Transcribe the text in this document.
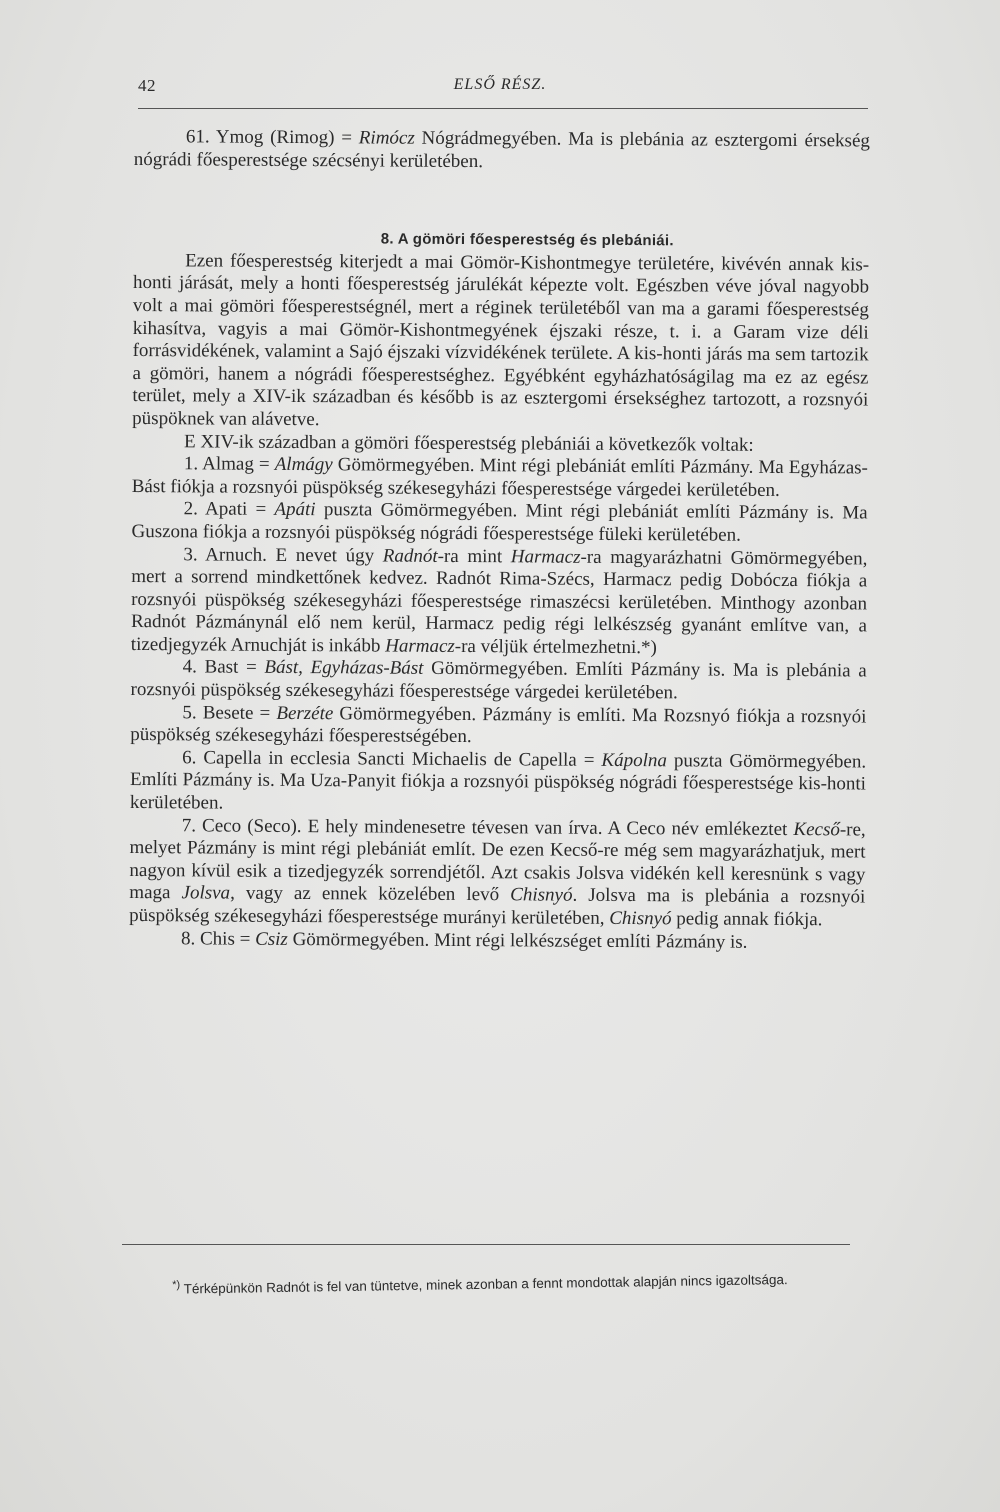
42	ELSŐ RÉSZ.

61. Ymog (Rimog) = Rimócz Nógrádmegyében. Ma is plebánia az esztergomi érsekség nógrádi főesperestsége szécsényi kerületében.

8. A gömöri főesperestség és plebániái.

Ezen főesperestség kiterjedt a mai Gömör-Kishontmegye területére, kivévén annak kis-honti járását, mely a honti főesperestség járulékát képezte volt. Egészben véve jóval nagyobb volt a mai gömöri főesperestségnél, mert a réginek területéből van ma a garami főesperestség kihasítva, vagyis a mai Gömör-Kishontmegyének éjszaki része, t. i. a Garam vize déli forrásvidékének, valamint a Sajó éjszaki vízvidékének területe. A kis-honti járás ma sem tartozik a gömöri, hanem a nógrádi főesperestséghez. Egyébként egyházhatóságilag ma ez az egész terület, mely a XIV-ik században és később is az esztergomi érsekséghez tartozott, a rozsnyói püspöknek van alávetve.

E XIV-ik században a gömöri főesperestség plebániái a következők voltak:

1. Almag = Almágy Gömörmegyében. Mint régi plebániát említi Pázmány. Ma Egyházas-Bást fiókja a rozsnyói püspökség székesegyházi főesperestsége várgedei kerületében.

2. Apati = Apáti puszta Gömörmegyében. Mint régi plebániát említi Pázmány is. Ma Guszona fiókja a rozsnyói püspökség nógrádi főesperestsége füleki kerületében.

3. Arnuch. E nevet úgy Radnót-ra mint Harmacz-ra magyarázhatni Gömörmegyében, mert a sorrend mindkettőnek kedvez. Radnót Rima-Szécs, Harmacz pedig Dobócza fiókja a rozsnyói püspökség székesegyházi főesperestsége rimaszécsi kerületében. Minthogy azonban Radnót Pázmánynál elő nem kerül, Harmacz pedig régi lelkészség gyanánt említve van, a tizedjegyzék Arnuchját is inkább Harmacz-ra véljük értelmezhetni.*)

4. Bast = Bást, Egyházas-Bást Gömörmegyében. Említi Pázmány is. Ma is plebánia a rozsnyói püspökség székesegyházi főesperestsége várgedei kerületében.

5. Besete = Berzéte Gömörmegyében. Pázmány is említi. Ma Rozsnyó fiókja a rozsnyói püspökség székesegyházi főesperestségében.

6. Capella in ecclesia Sancti Michaelis de Capella = Kápolna puszta Gömörmegyében. Említi Pázmány is. Ma Uza-Panyit fiókja a rozsnyói püspökség nógrádi főesperestsége kis-honti kerületében.

7. Ceco (Seco). E hely mindenesetre tévesen van írva. A Ceco név emlékeztet Kecső-re, melyet Pázmány is mint régi plebániát említ. De ezen Kecső-re még sem magyarázhatjuk, mert nagyon kívül esik a tizedjegyzék sorrendjétől. Azt csakis Jolsva vidékén kell keresnünk s vagy maga Jolsva, vagy az ennek közelében levő Chisnyó. Jolsva ma is plebánia a rozsnyói püspökség székesegyházi főesperestsége murányi kerületében, Chisnyó pedig annak fiókja.

8. Chis = Csiz Gömörmegyében. Mint régi lelkészséget említi Pázmány is.

*) Térképünkön Radnót is fel van tüntetve, minek azonban a fennt mondottak alapján nincs igazoltsága.
